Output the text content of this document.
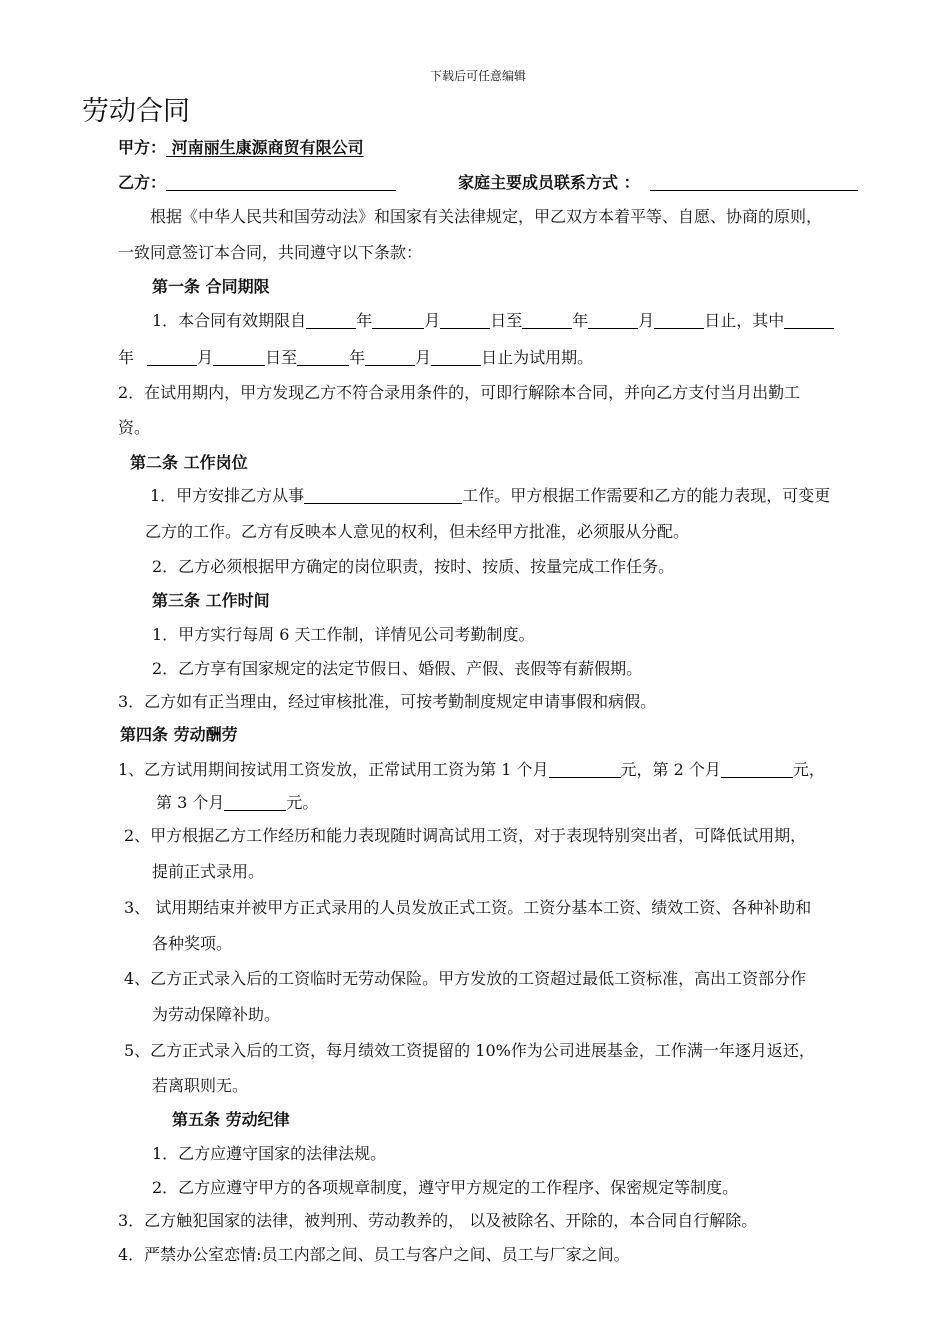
下载后可任意编辑
劳动合同
甲方： 河南丽生康源商贸有限公司
乙方：	家庭主要成员联系方式 ：
根据《中华人民共和国劳动法》和国家有关法律规定，甲乙双方本着平等、自愿、协商的原则，
一致同意签订本合同，共同遵守以下条款：
第一条 合同期限
1．本合同有效期限自	年	月	日至	年	月	日止，其中
年	月	日至	年	月	日止为试用期。
2．在试用期内，甲方发现乙方不符合录用条件的，可即行解除本合同，并向乙方支付当月出勤工
资。
第二条 工作岗位
1．甲方安排乙方从事	工作。甲方根据工作需要和乙方的能力表现，可变更
乙方的工作。乙方有反映本人意见的权利，但未经甲方批准，必须服从分配。
2．乙方必须根据甲方确定的岗位职责，按时、按质、按量完成工作任务。
第三条 工作时间
1．甲方实行每周 6 天工作制，详情见公司考勤制度。
2．乙方享有国家规定的法定节假日、婚假、产假、丧假等有薪假期。
3．乙方如有正当理由，经过审核批准，可按考勤制度规定申请事假和病假。
第四条 劳动酬劳
1、乙方试用期间按试用工资发放，正常试用工资为第 1 个月	元，第 2 个月	元，
第 3 个月	元。
2、甲方根据乙方工作经历和能力表现随时调高试用工资，对于表现特别突出者，可降低试用期，
提前正式录用。
3、 试用期结束并被甲方正式录用的人员发放正式工资。工资分基本工资、绩效工资、各种补助和
各种奖项。
4、乙方正式录入后的工资临时无劳动保险。甲方发放的工资超过最低工资标准，高出工资部分作
为劳动保障补助。
5、乙方正式录入后的工资，每月绩效工资提留的 10%作为公司进展基金，工作满一年逐月返还，
若离职则无。
第五条 劳动纪律
1．乙方应遵守国家的法律法规。
2．乙方应遵守甲方的各项规章制度，遵守甲方规定的工作程序、保密规定等制度。
3．乙方触犯国家的法律，被判刑、劳动教养的， 以及被除名、开除的，本合同自行解除。
4．严禁办公室恋情:员工内部之间、员工与客户之间、员工与厂家之间。
